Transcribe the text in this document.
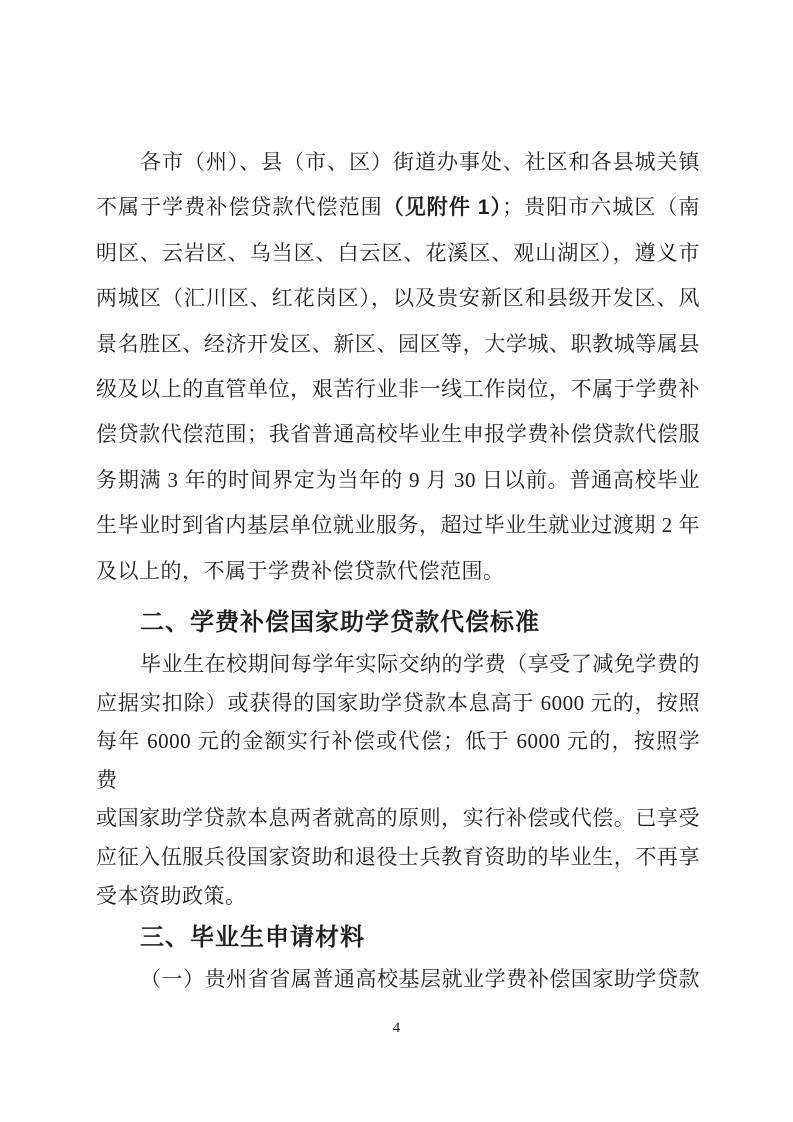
各市（州）、县（市、区）街道办事处、社区和各县城关镇
不属于学费补偿贷款代偿范围（见附件 1）；贵阳市六城区（南
明区、云岩区、乌当区、白云区、花溪区、观山湖区），遵义市
两城区（汇川区、红花岗区），以及贵安新区和县级开发区、风
景名胜区、经济开发区、新区、园区等，大学城、职教城等属县
级及以上的直管单位，艰苦行业非一线工作岗位，不属于学费补
偿贷款代偿范围；我省普通高校毕业生申报学费补偿贷款代偿服
务期满 3 年的时间界定为当年的 9 月 30 日以前。普通高校毕业
生毕业时到省内基层单位就业服务，超过毕业生就业过渡期 2 年
及以上的，不属于学费补偿贷款代偿范围。
二、学费补偿国家助学贷款代偿标准
毕业生在校期间每学年实际交纳的学费（享受了减免学费的
应据实扣除）或获得的国家助学贷款本息高于 6000 元的，按照
每年 6000 元的金额实行补偿或代偿；低于 6000 元的，按照学费
或国家助学贷款本息两者就高的原则，实行补偿或代偿。已享受
应征入伍服兵役国家资助和退役士兵教育资助的毕业生，不再享
受本资助政策。
三、毕业生申请材料
（一）贵州省省属普通高校基层就业学费补偿国家助学贷款
4
